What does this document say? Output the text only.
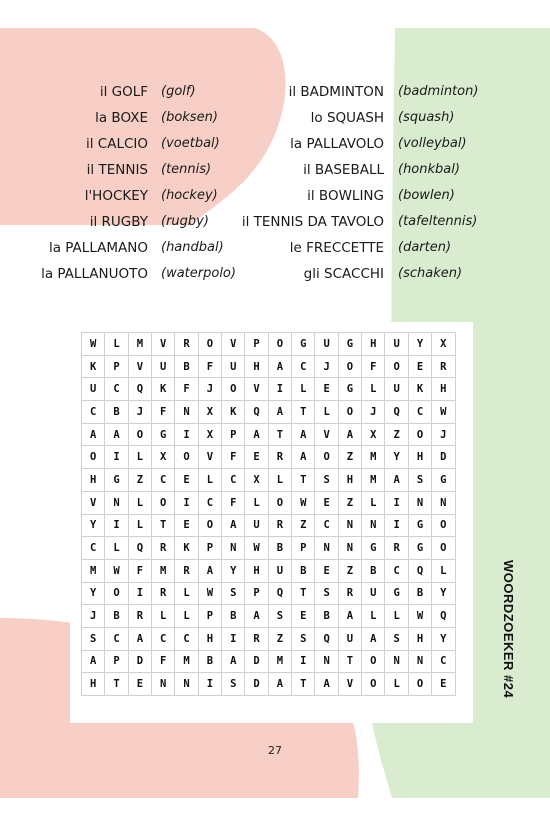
il GOLF (golf)	il BADMINTON (badminton)
la BOXE (boksen)	lo SQUASH (squash)
il CALCIO (voetbal)	la PALLAVOLO (volleybal)
il TENNIS (tennis)	il BASEBALL (honkbal)
l'HOCKEY (hockey)	il BOWLING (bowlen)
il RUGBY (rugby) il TENNIS DA TAVOLO (tafeltennis)
la PALLAMANO (handbal)	le FRECCETTE (darten)
la PALLANUOTO (waterpolo)	gli SCACCHI (schaken)
W	L	M	V	R	O	V	P	O	G	U	G	H	U	Y	X
K	P	V	U	B	F	U	H	A	C	J	O	F	O	E	R
U	C	Q	K	F	J	O	V	I	L	E	G	L	U	K	H
C	B	J	F	N	X	K	Q	A	T	L	O	J	Q	C	W
A	A	O	G	I	X	P	A	T	A	V	A	X	Z	O	J
O	I	L	X	O	V	F	E	R	A	O	Z	M	Y	H	D
H	G	Z	C	E	L	C	X	L	T	S	H	M	A	S	G
V	N	L	O	I	C	F	L	O	W	E	Z	L	I	N	N
Y	I	L	T	E	O	A	U	R	Z	C	N	N	I	G	O
C	L	Q	R	K	P	N	W	B	P	N	N	G	R	G	O
M	W	F	M	R	A	Y	H	U	B	E	Z	B	C	Q	L
Y	O	I	R	L	W	S	P	Q	T	S	R	U	G	B	Y
J	B	R	L	L	P	B	A	S	E	B	A	L	L	W	Q
S	C	A	C	C	H	I	R	Z	S	Q	U	A	S	H	Y
A	P	D	F	M	B	A	D	M	I	N	T	O	N	N	C
H	T	E	N	N	I	S	D	A	T	A	V	O	L	O	E	WOORDZOEKER #24
27
